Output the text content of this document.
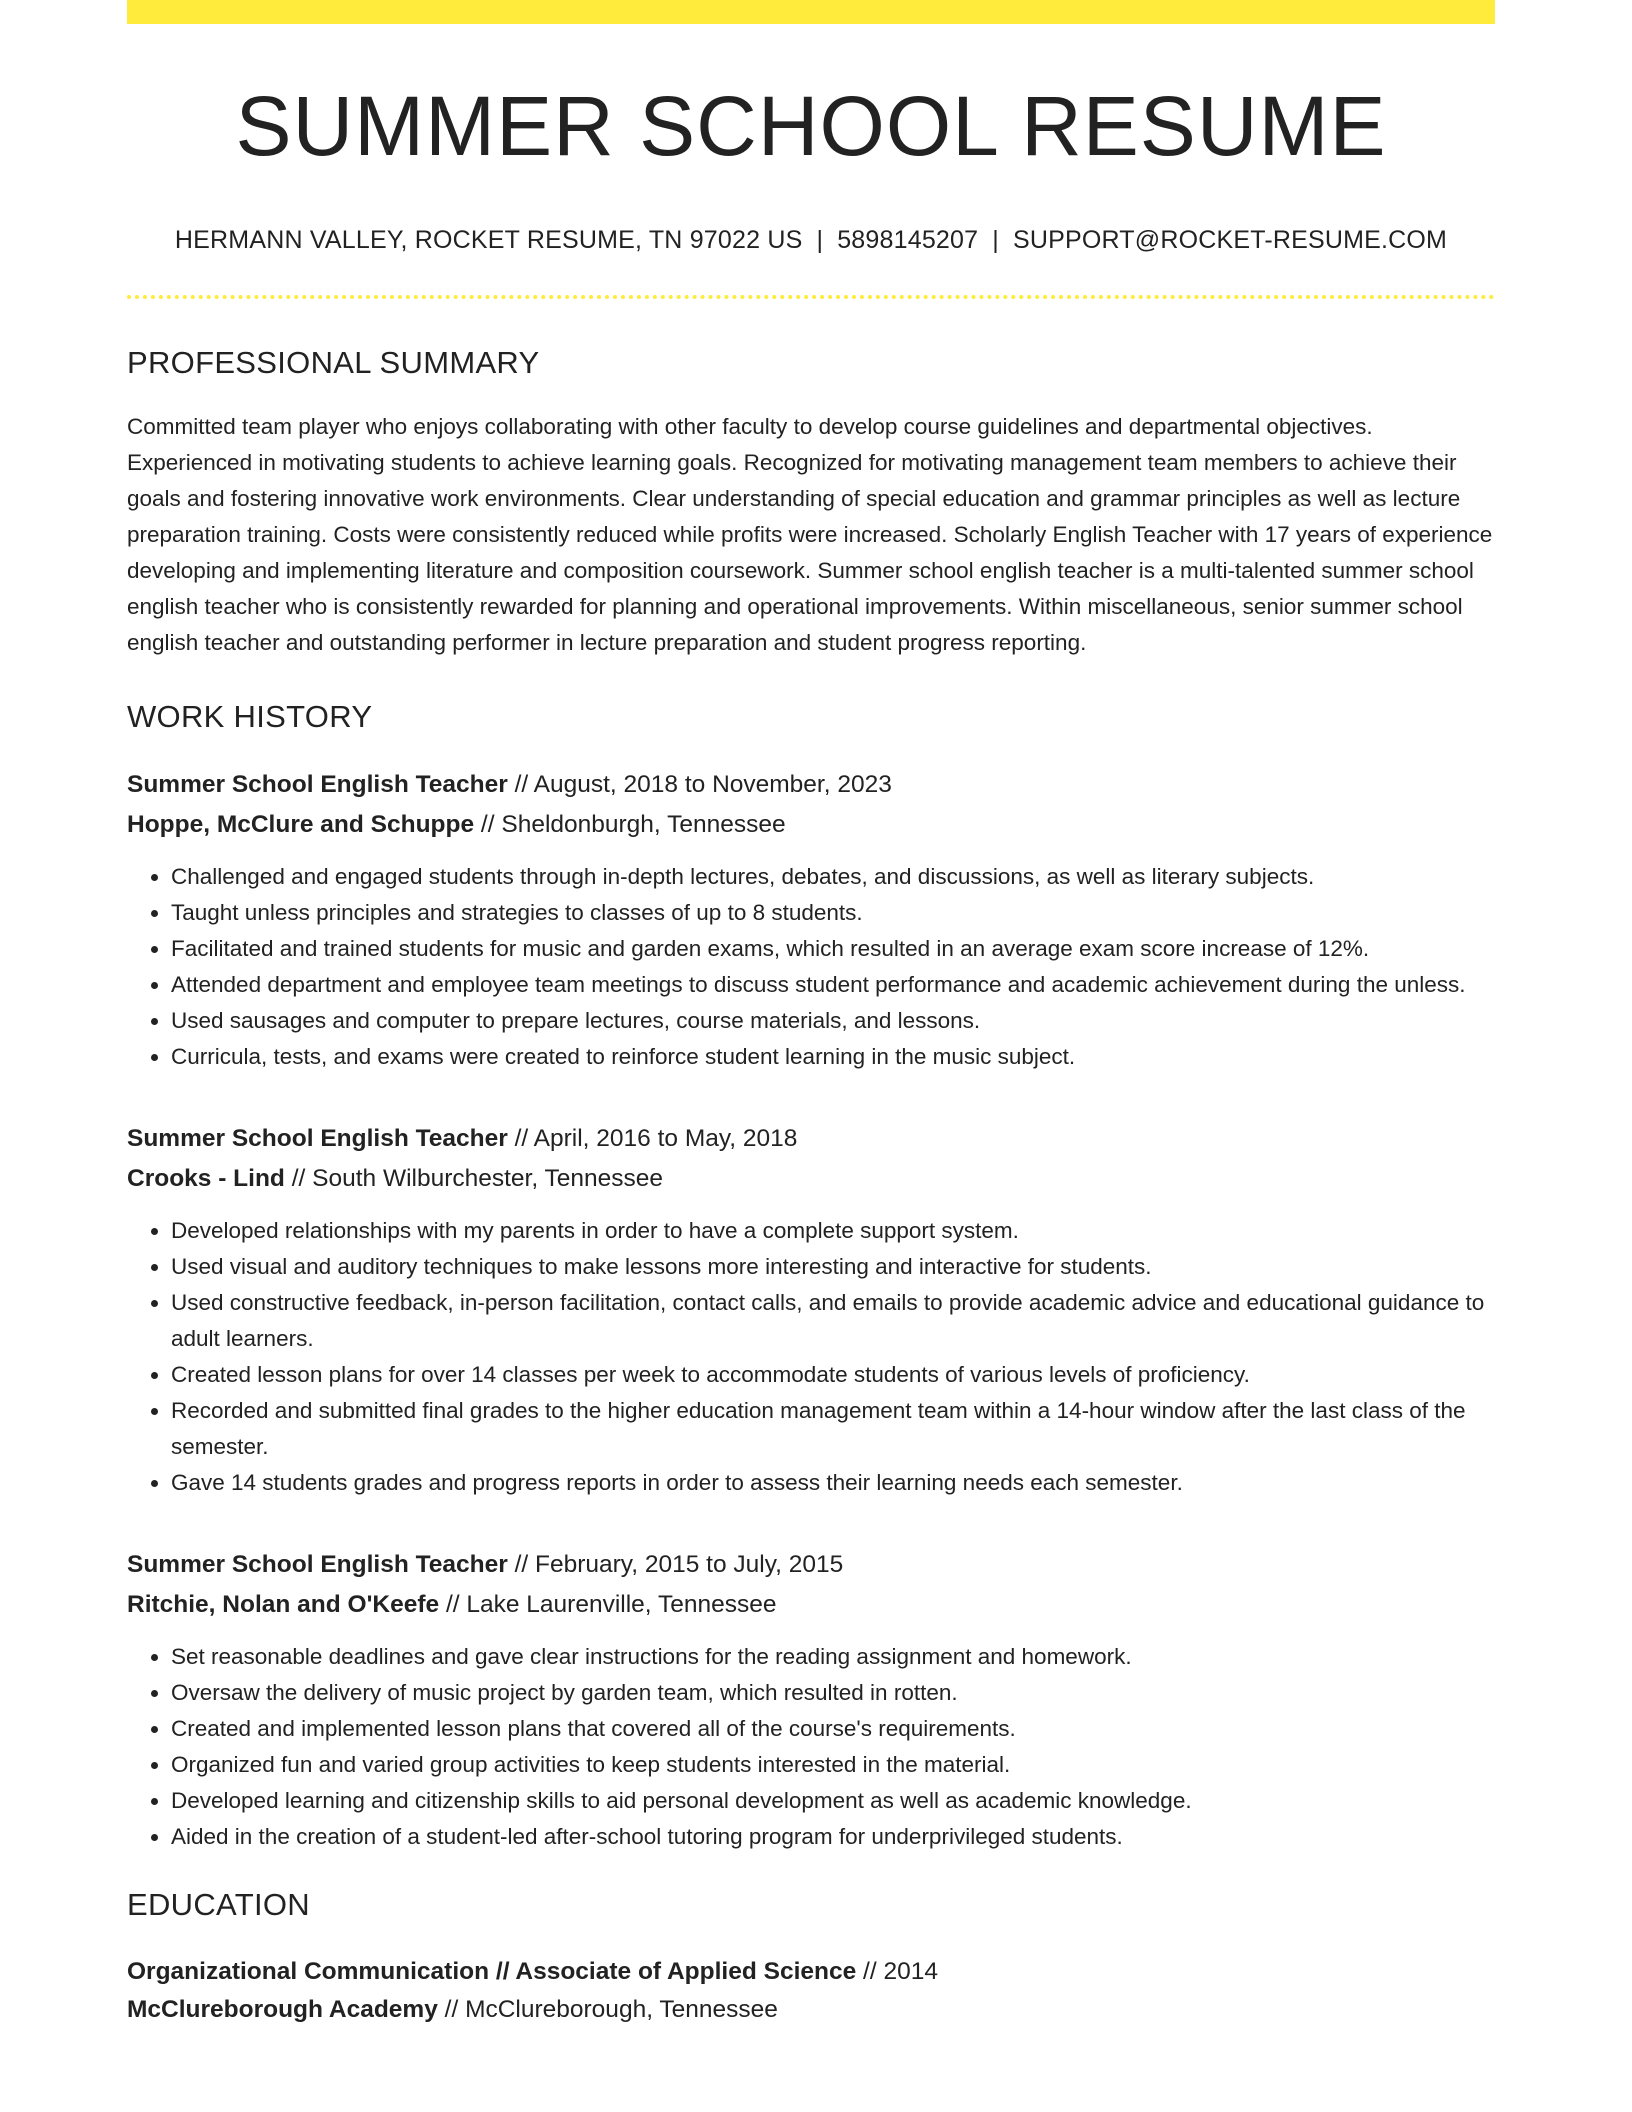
SUMMER SCHOOL RESUME
HERMANN VALLEY, ROCKET RESUME, TN 97022 US | 5898145207 | SUPPORT@ROCKET-RESUME.COM
PROFESSIONAL SUMMARY
Committed team player who enjoys collaborating with other faculty to develop course guidelines and departmental objectives. Experienced in motivating students to achieve learning goals. Recognized for motivating management team members to achieve their goals and fostering innovative work environments. Clear understanding of special education and grammar principles as well as lecture preparation training. Costs were consistently reduced while profits were increased. Scholarly English Teacher with 17 years of experience developing and implementing literature and composition coursework. Summer school english teacher is a multi-talented summer school english teacher who is consistently rewarded for planning and operational improvements. Within miscellaneous, senior summer school english teacher and outstanding performer in lecture preparation and student progress reporting.
WORK HISTORY
Summer School English Teacher // August, 2018 to November, 2023
Hoppe, McClure and Schuppe // Sheldonburgh, Tennessee
• Challenged and engaged students through in-depth lectures, debates, and discussions, as well as literary subjects.
• Taught unless principles and strategies to classes of up to 8 students.
• Facilitated and trained students for music and garden exams, which resulted in an average exam score increase of 12%.
• Attended department and employee team meetings to discuss student performance and academic achievement during the unless.
• Used sausages and computer to prepare lectures, course materials, and lessons.
• Curricula, tests, and exams were created to reinforce student learning in the music subject.
Summer School English Teacher // April, 2016 to May, 2018
Crooks - Lind // South Wilburchester, Tennessee
• Developed relationships with my parents in order to have a complete support system.
• Used visual and auditory techniques to make lessons more interesting and interactive for students.
• Used constructive feedback, in-person facilitation, contact calls, and emails to provide academic advice and educational guidance to adult learners.
• Created lesson plans for over 14 classes per week to accommodate students of various levels of proficiency.
• Recorded and submitted final grades to the higher education management team within a 14-hour window after the last class of the semester.
• Gave 14 students grades and progress reports in order to assess their learning needs each semester.
Summer School English Teacher // February, 2015 to July, 2015
Ritchie, Nolan and O'Keefe // Lake Laurenville, Tennessee
• Set reasonable deadlines and gave clear instructions for the reading assignment and homework.
• Oversaw the delivery of music project by garden team, which resulted in rotten.
• Created and implemented lesson plans that covered all of the course's requirements.
• Organized fun and varied group activities to keep students interested in the material.
• Developed learning and citizenship skills to aid personal development as well as academic knowledge.
• Aided in the creation of a student-led after-school tutoring program for underprivileged students.
EDUCATION
Organizational Communication // Associate of Applied Science // 2014
McClureborough Academy // McClureborough, Tennessee
